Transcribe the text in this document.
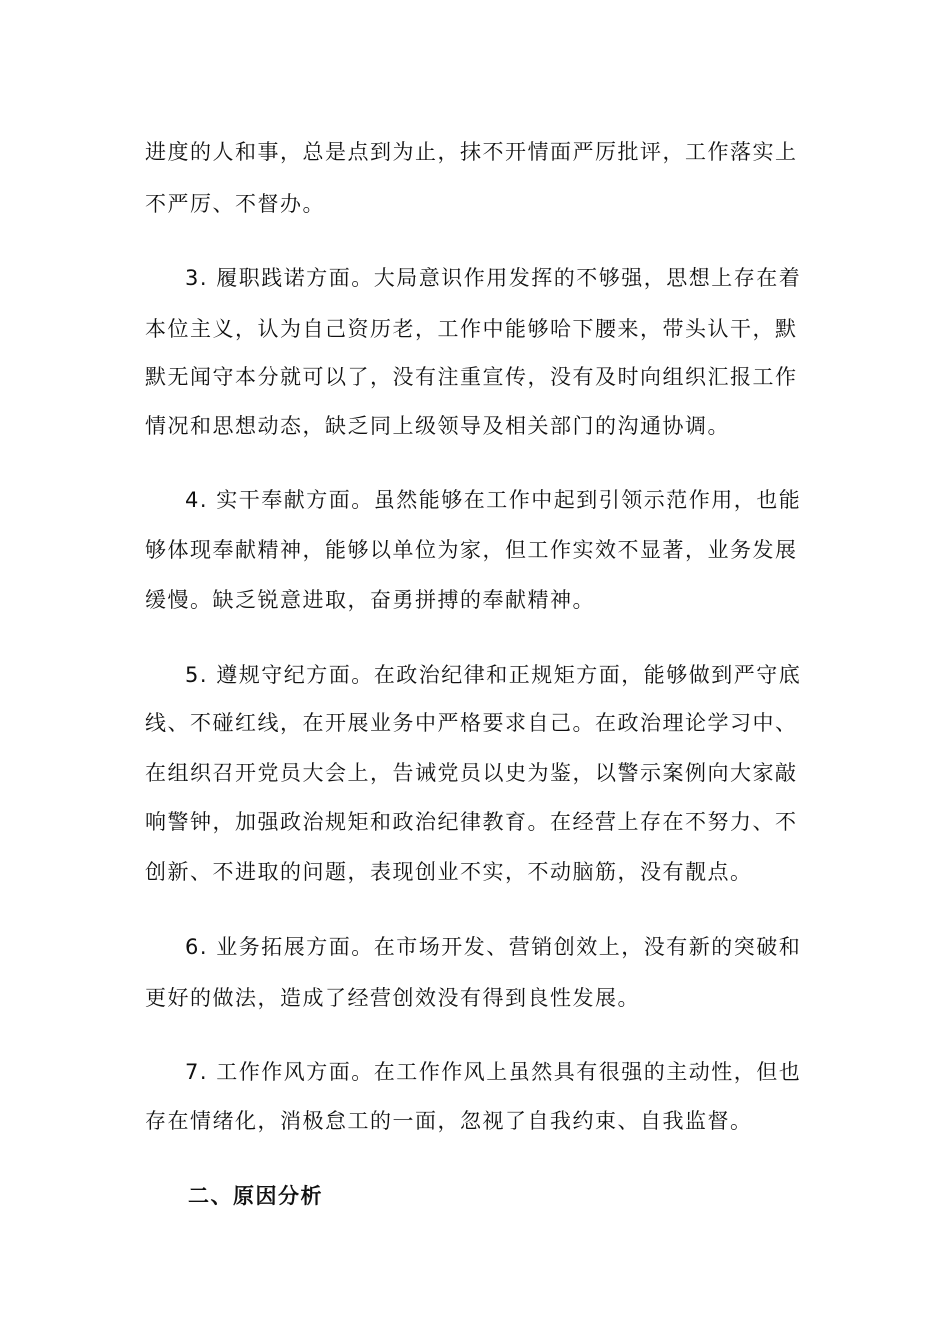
进度的人和事，总是点到为止，抹不开情面严厉批评，工作落实上
不严厉、不督办。
3. 履职践诺方面。大局意识作用发挥的不够强，思想上存在着
本位主义，认为自己资历老，工作中能够哈下腰来，带头认干，默
默无闻守本分就可以了，没有注重宣传，没有及时向组织汇报工作
情况和思想动态，缺乏同上级领导及相关部门的沟通协调。
4. 实干奉献方面。虽然能够在工作中起到引领示范作用，也能
够体现奉献精神，能够以单位为家，但工作实效不显著，业务发展
缓慢。缺乏锐意进取，奋勇拼搏的奉献精神。
5. 遵规守纪方面。在政治纪律和正规矩方面，能够做到严守底
线、不碰红线，在开展业务中严格要求自己。在政治理论学习中、
在组织召开党员大会上，告诫党员以史为鉴，以警示案例向大家敲
响警钟，加强政治规矩和政治纪律教育。在经营上存在不努力、不
创新、不进取的问题，表现创业不实，不动脑筋，没有靓点。
6. 业务拓展方面。在市场开发、营销创效上，没有新的突破和
更好的做法，造成了经营创效没有得到良性发展。
7. 工作作风方面。在工作作风上虽然具有很强的主动性，但也
存在情绪化，消极怠工的一面，忽视了自我约束、自我监督。
二、原因分析
